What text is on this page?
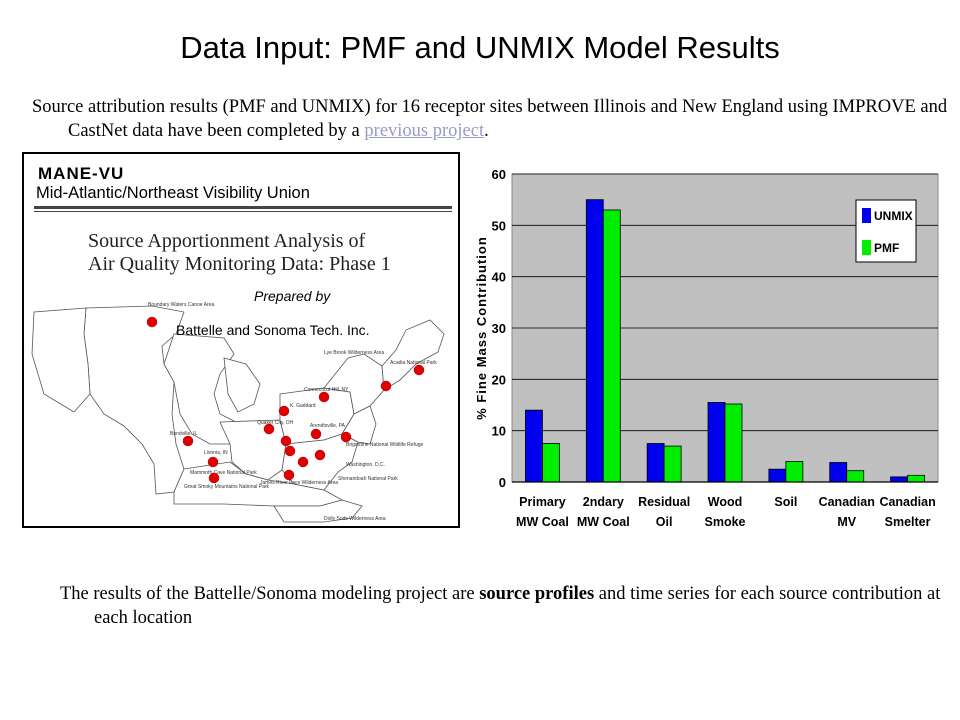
Data Input: PMF and UNMIX Model Results
Source attribution results (PMF and UNMIX) for 16 receptor sites between Illinois and New England using IMPROVE and CastNet data have been completed by a previous project.
MANE-VU
Mid-Atlantic/Northeast Visibility Union
Source Apportionment Analysis of
Air Quality Monitoring Data: Phase 1
Boundary Waters Canoe Area
Lye Brook Wilderness Area
Acadia National Park
Connecticut Hill, NY
Bondville, IL
K. Gaddard
Quaker City, OH	Arendtsville, PA
Brigantine National Wildlife Refuge
Livonia, IN
Mammoth Cave National Park
Washington, D.C.
James River Face Wilderness Area
Shenandoah National Park
Great Smoky Mountains National Park
Dolly Sods Wilderness Area
Prepared by
Battelle and Sonoma Tech. Inc.
0
10
20
30
40
50
60
Primary
MW Coal
2ndary
MW Coal
Residual
Oil
Wood
Smoke
Soil Canadian
MV
Canadian
Smelter
% Fine Mass Contribution
UNMIX
PMF
The results of the Battelle/Sonoma modeling project are source profiles and time series for each source contribution at each location
